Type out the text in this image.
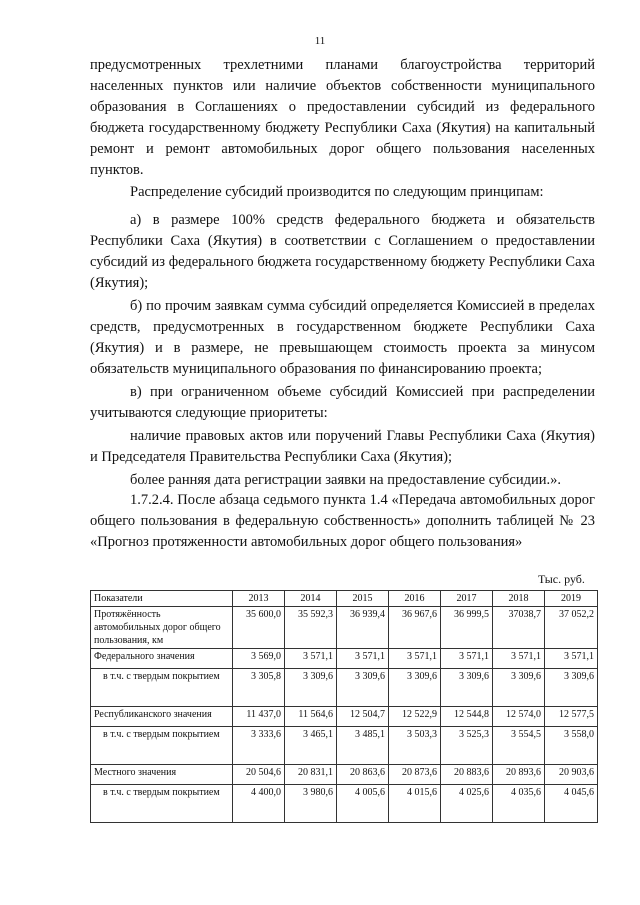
11

предусмотренных трехлетними планами благоустройства территорий населенных пунктов или наличие объектов собственности муниципального образования в Соглашениях о предоставлении субсидий из федерального бюджета государственному бюджету Республики Саха (Якутия) на капитальный ремонт и ремонт автомобильных дорог общего пользования населенных пунктов.

Распределение субсидий производится по следующим принципам:

а) в размере 100% средств федерального бюджета и обязательств Республики Саха (Якутия) в соответствии с Соглашением о предоставлении субсидий из федерального бюджета государственному бюджету Республики Саха (Якутия);

б) по прочим заявкам сумма субсидий определяется Комиссией в пределах средств, предусмотренных в государственном бюджете Республики Саха (Якутия) и в размере, не превышающем стоимость проекта за минусом обязательств муниципального образования по финансированию проекта;

в) при ограниченном объеме субсидий Комиссией при распределении учитываются следующие приоритеты:

наличие правовых актов или поручений Главы Республики Саха (Якутия) и Председателя Правительства Республики Саха (Якутия);

более ранняя дата регистрации заявки на предоставление субсидии.».

1.7.2.4. После абзаца седьмого пункта 1.4 «Передача автомобильных дорог общего пользования в федеральную собственность» дополнить таблицей № 23 «Прогноз протяженности автомобильных дорог общего пользования»

Тыс. руб.
Показатели	2013	2014	2015	2016	2017	2018	2019
Протяжённость автомобильных дорог общего пользования, км	35 600,0	35 592,3	36 939,4	36 967,6	36 999,5	37038,7	37 052,2
Федерального значения	3 569,0	3 571,1	3 571,1	3 571,1	3 571,1	3 571,1	3 571,1
в т.ч. с твердым покрытием	3 305,8	3 309,6	3 309,6	3 309,6	3 309,6	3 309,6	3 309,6
Республиканского значения	11 437,0	11 564,6	12 504,7	12 522,9	12 544,8	12 574,0	12 577,5
в т.ч. с твердым покрытием	3 333,6	3 465,1	3 485,1	3 503,3	3 525,3	3 554,5	3 558,0
Местного значения	20 504,6	20 831,1	20 863,6	20 873,6	20 883,6	20 893,6	20 903,6
в т.ч. с твердым покрытием	4 400,0	3 980,6	4 005,6	4 015,6	4 025,6	4 035,6	4 045,6
